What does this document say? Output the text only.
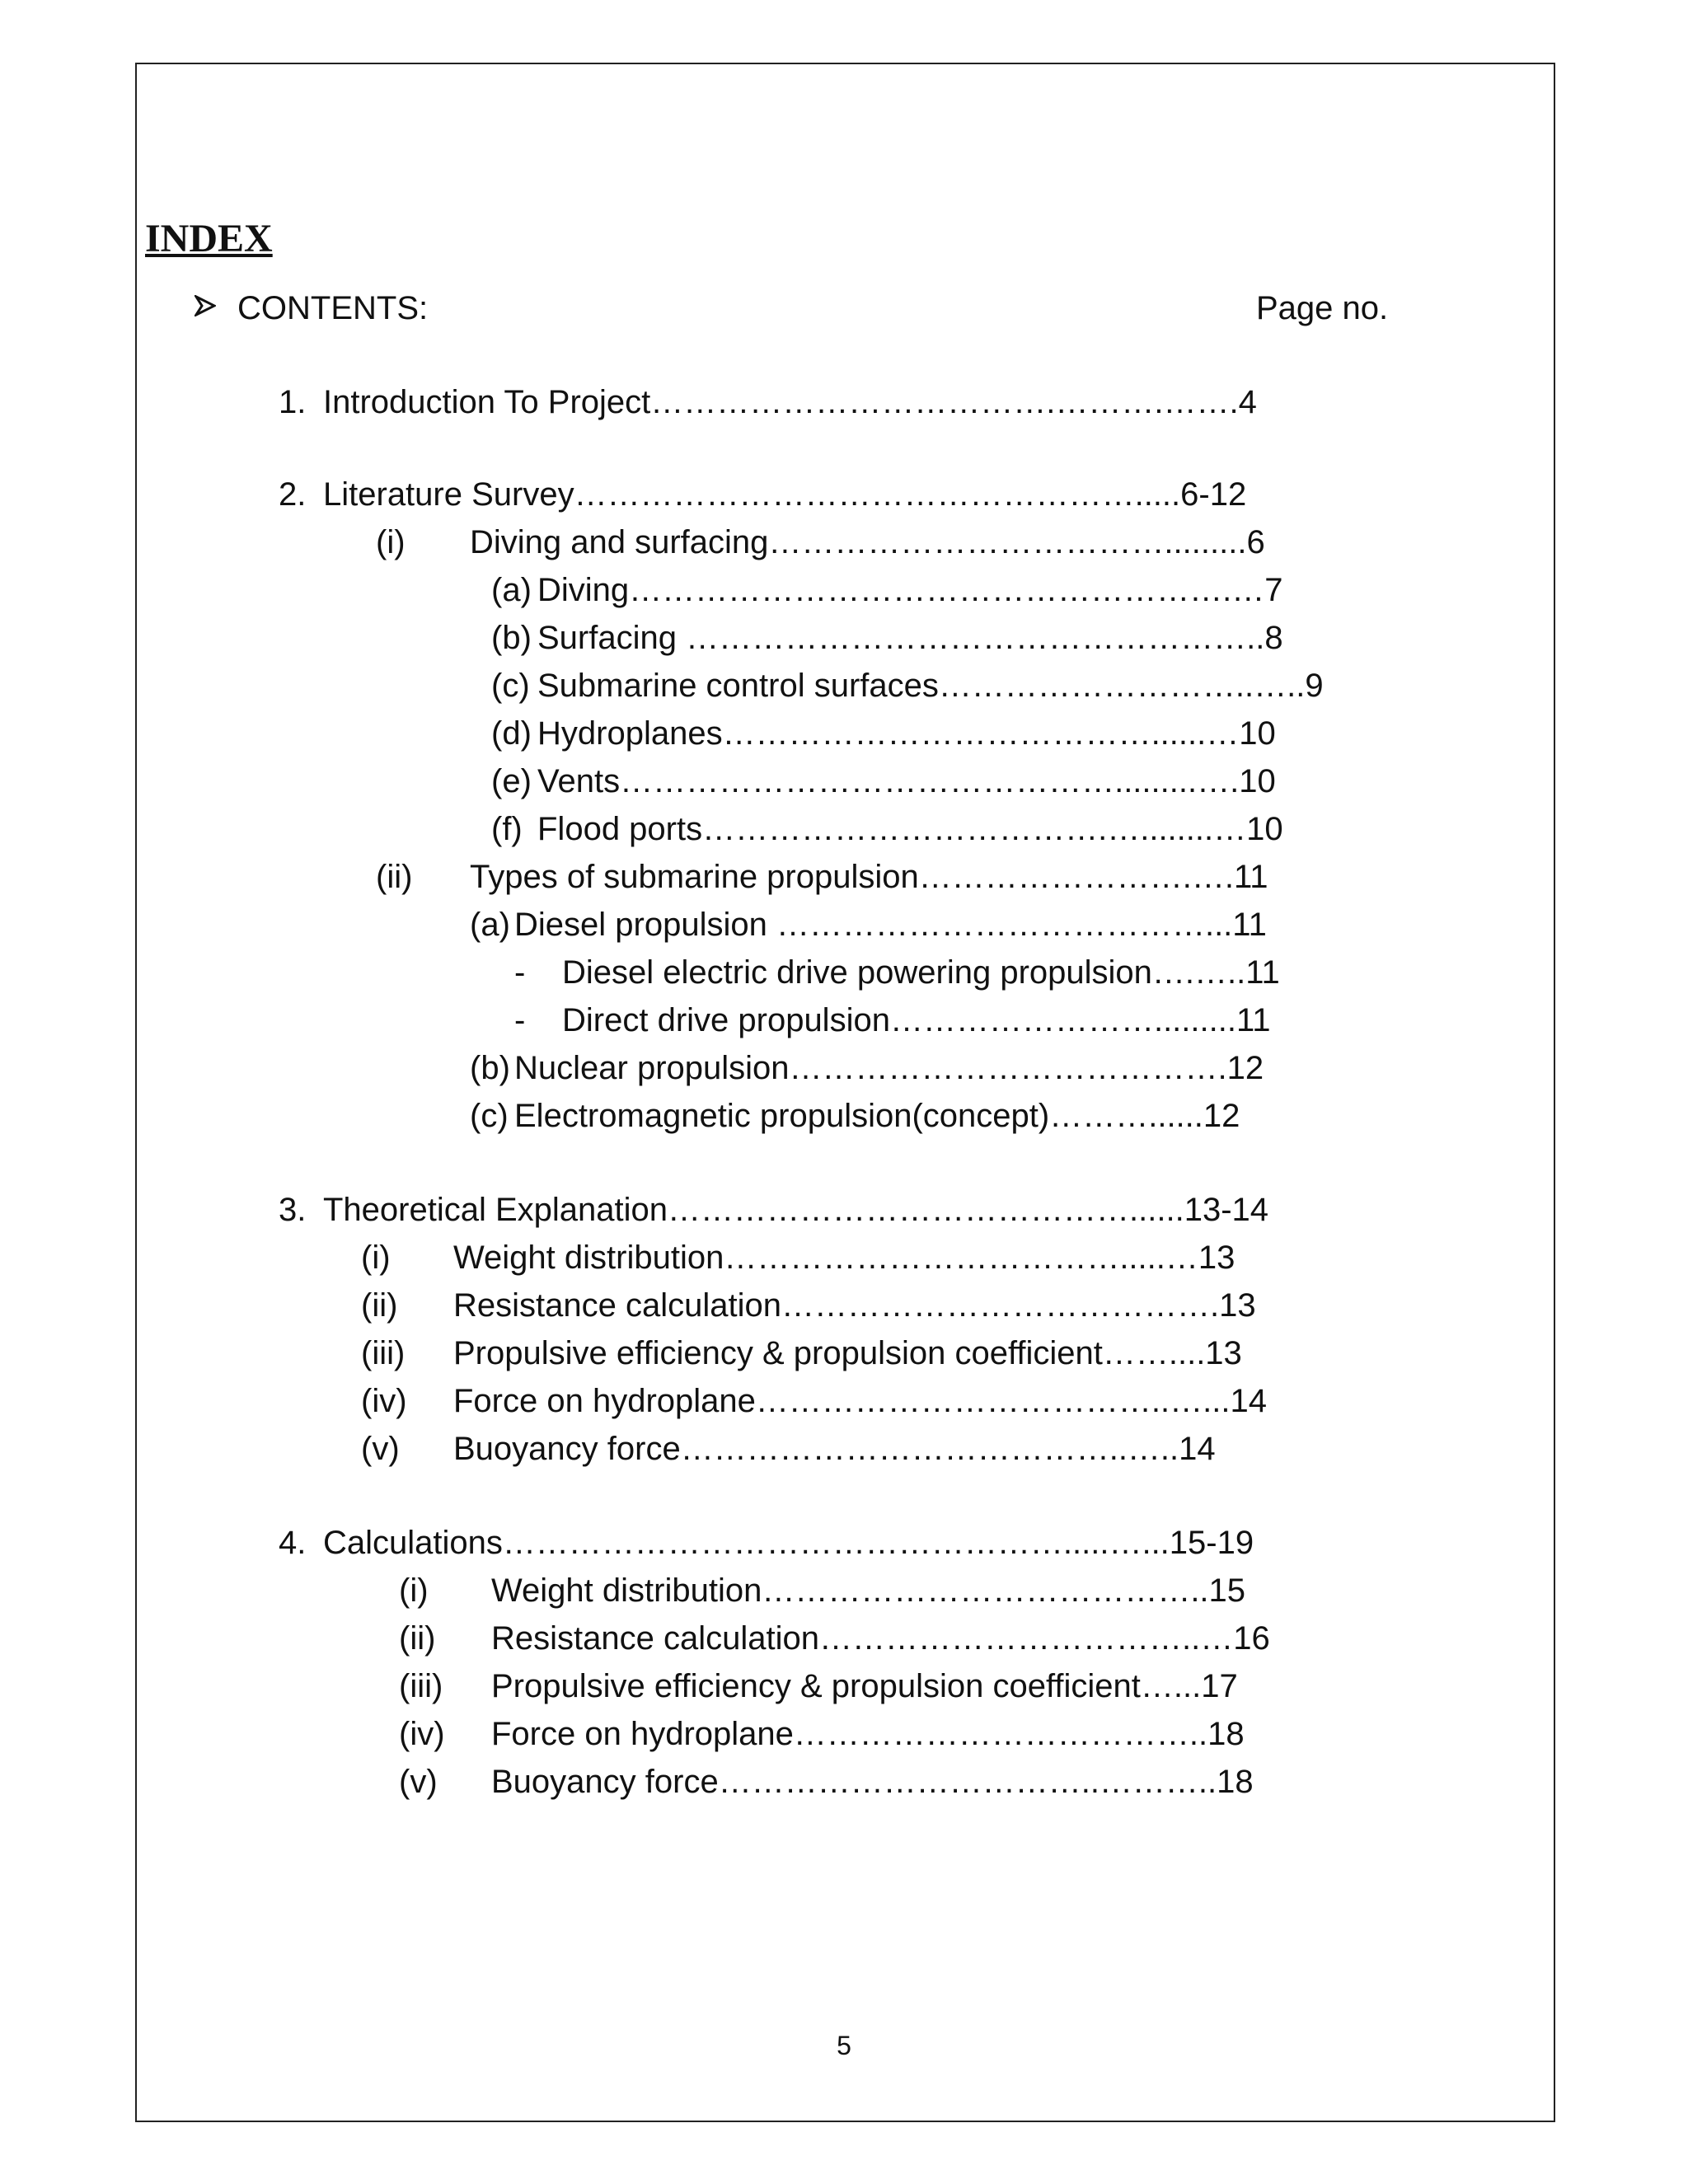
INDEX
CONTENTS:	Page no.
1. Introduction To Project……………………………….……….…….4
2. Literature Survey…………………………………………….....6-12
(i) Diving and surfacing……………………………….........6
(a) Diving……………………………………………….…7
(b) Surfacing ……………………………………………..8
(c) Submarine control surfaces………………………..…..9
(d) Hydroplanes…………………………………......…10
(e) Vents……………………………………….........….10
(f) Flood ports……………………………….…........…10
(ii) Types of submarine propulsion…………………….….11
(a) Diesel propulsion …………………………………...11
- Diesel electric drive powering propulsion….…..11
- Direct drive propulsion…………………….........11
(b) Nuclear propulsion………………………………….12
(c) Electromagnetic propulsion(concept)………......12
3. Theoretical Explanation……………………………………......13-14
(i) Weight distribution……………………………….....…13
(ii) Resistance calculation………………………………….13
(iii) Propulsive efficiency & propulsion coefficient……....13
(iv) Force on hydroplane………………………………..…...14
(v) Buoyancy force…………………………………..…..14
4. Calculations…………………………………………….....…...15-19
(i) Weight distribution…………………………………..15
(ii) Resistance calculation……………………………..…16
(iii) Propulsive efficiency & propulsion coefficient…...17
(iv) Force on hydroplane………………………………..18
(v) Buoyancy force……………………………..………..18
5
